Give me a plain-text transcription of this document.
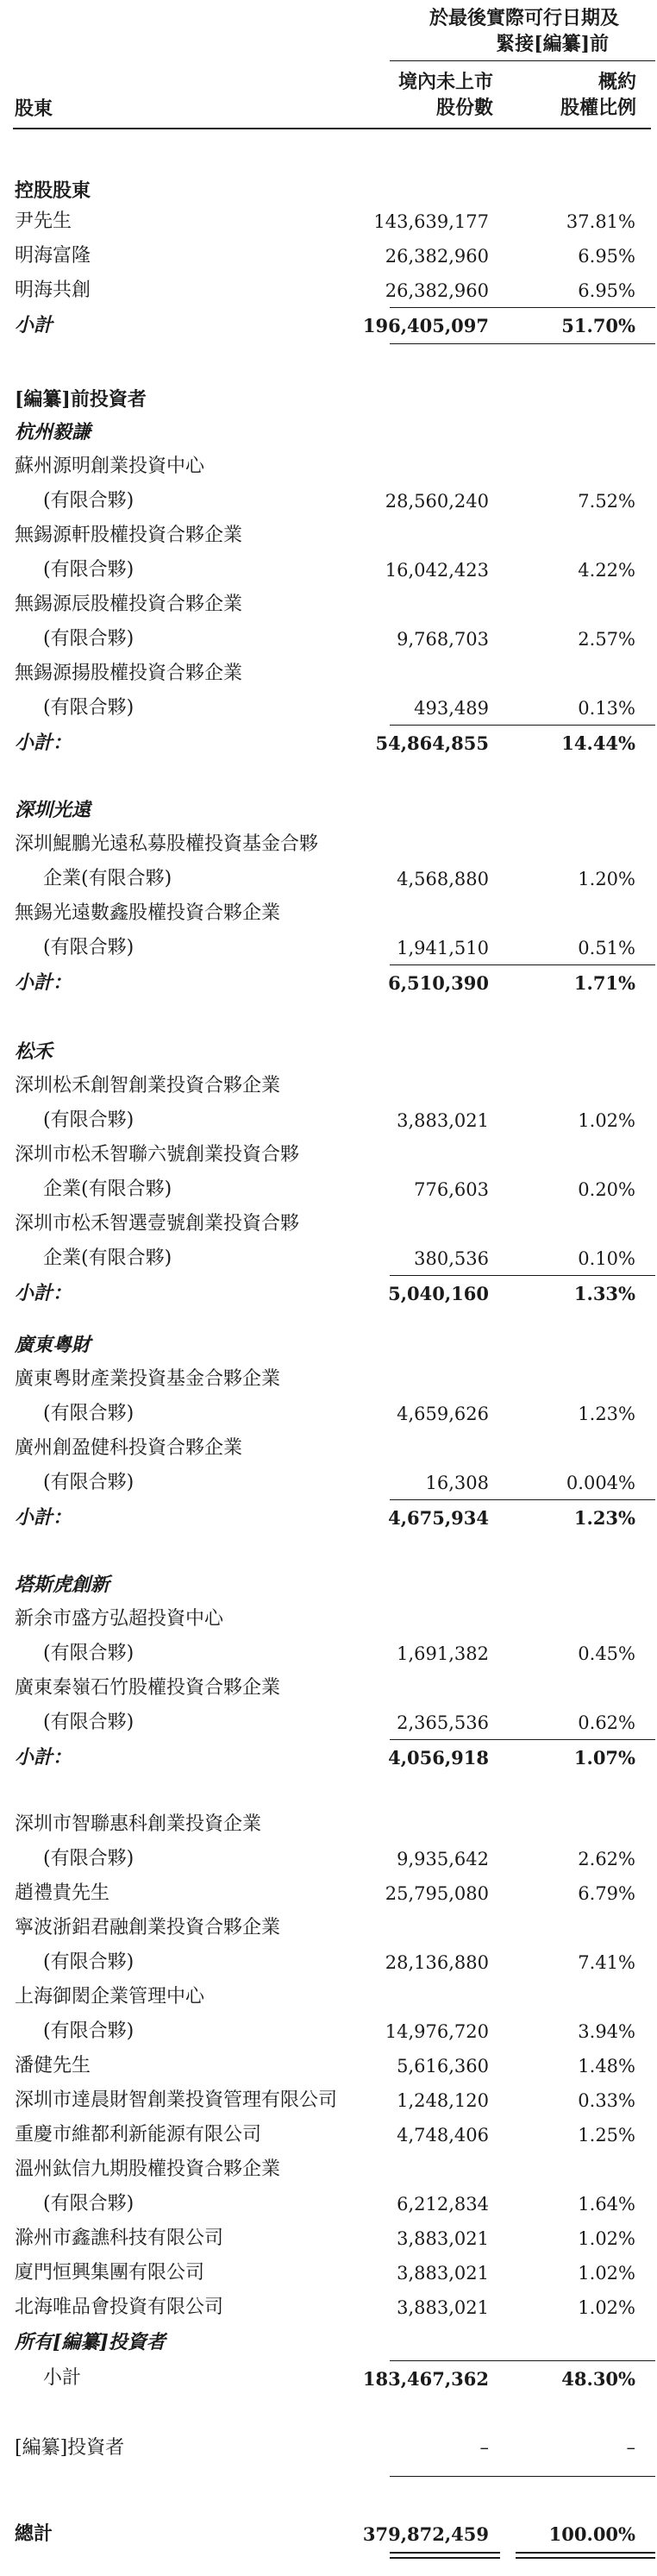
於最後實際可行日期及
緊接[編纂]前
境內未上市
股份數
概約
股權比例
股東
控股股東
尹先生	143,639,177	37.81%
明海富隆	26,382,960	6.95%
明海共創	26,382,960	6.95%
小計	196,405,097	51.70%
[編纂]前投資者
杭州毅謙
蘇州源明創業投資中心
(有限合夥)	28,560,240	7.52%
無錫源軒股權投資合夥企業
(有限合夥)	16,042,423	4.22%
無錫源辰股權投資合夥企業
(有限合夥)	9,768,703	2.57%
無錫源揚股權投資合夥企業
(有限合夥)	493,489	0.13%
小計：	54,864,855	14.44%
深圳光遠
深圳鯤鵬光遠私募股權投資基金合夥
企業(有限合夥)	4,568,880	1.20%
無錫光遠數鑫股權投資合夥企業
(有限合夥)	1,941,510	0.51%
小計：	6,510,390	1.71%
松禾
深圳松禾創智創業投資合夥企業
(有限合夥)	3,883,021	1.02%
深圳市松禾智聯六號創業投資合夥
企業(有限合夥)	776,603	0.20%
深圳市松禾智選壹號創業投資合夥
企業(有限合夥)	380,536	0.10%
小計：	5,040,160	1.33%
廣東粵財
廣東粵財產業投資基金合夥企業
(有限合夥)	4,659,626	1.23%
廣州創盈健科投資合夥企業
(有限合夥)	16,308	0.004%
小計：	4,675,934	1.23%
塔斯虎創新
新余市盛方弘超投資中心
(有限合夥)	1,691,382	0.45%
廣東秦嶺石竹股權投資合夥企業
(有限合夥)	2,365,536	0.62%
小計：	4,056,918	1.07%
深圳市智聯惠科創業投資企業
(有限合夥)	9,935,642	2.62%
趙禮貴先生	25,795,080	6.79%
寧波浙鋁君融創業投資合夥企業
(有限合夥)	28,136,880	7.41%
上海御閎企業管理中心
(有限合夥)	14,976,720	3.94%
潘健先生	5,616,360	1.48%
深圳市達晨財智創業投資管理有限公司	1,248,120	0.33%
重慶市維都利新能源有限公司	4,748,406	1.25%
溫州鈦信九期股權投資合夥企業
(有限合夥)	6,212,834	1.64%
滁州市鑫譙科技有限公司	3,883,021	1.02%
廈門恒興集團有限公司	3,883,021	1.02%
北海唯品會投資有限公司	3,883,021	1.02%
所有[編纂]投資者
小計	183,467,362	48.30%
[編纂]投資者	–	–
總計	379,872,459	100.00%
